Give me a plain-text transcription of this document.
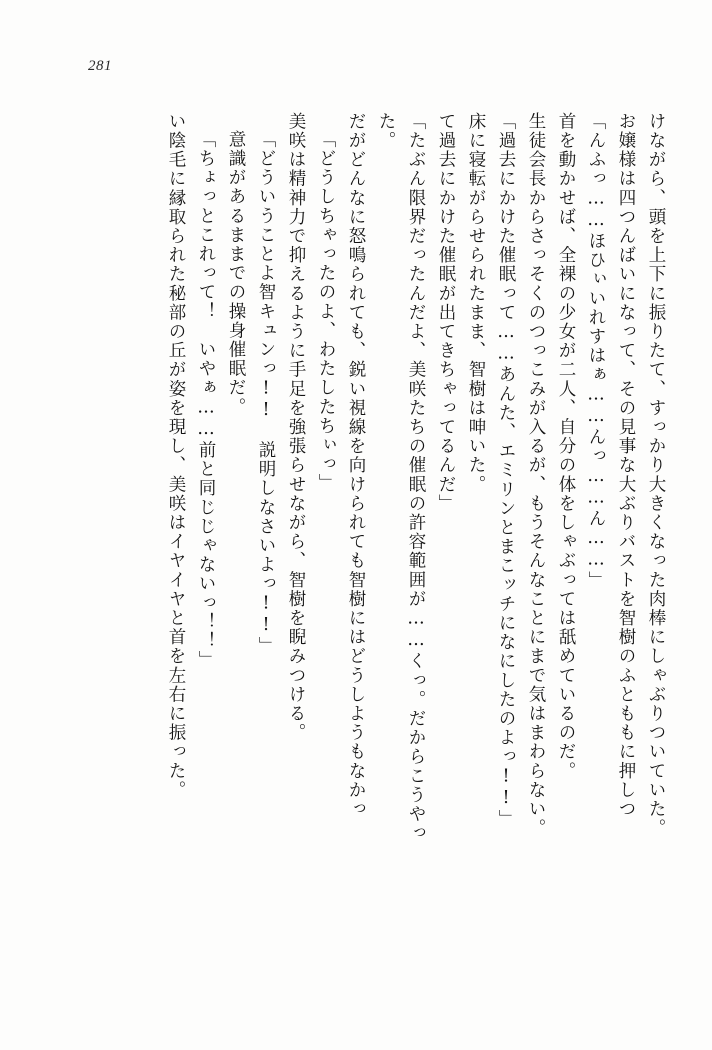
281
い陰毛に縁取られた秘部の丘が姿を現し、美咲はイヤイヤと首を左右に振った。 「ちょっとこれって！　いやぁ……前と同じじゃないっ！！」 意識があるままでの操身催眠だ。 「どういうことよ智キュンっ!!　説明しなさいよっ!!」 美咲は精神力で抑えるように手足を強張らせながら、智樹を睨みつける。 「どうしちゃったのよ、わたしたちぃっ」 だがどんなに怒鳴られても、鋭い視線を向けられても智樹にはどうしようもなかっ た。 「たぶん限界だったんだよ、美咲たちの催眠の許容範囲が……くっ。だからこうやっ て過去にかけた催眠が出てきちゃってるんだ」 床に寝転がらせられたまま、智樹は呻いた。 「過去にかけた催眠って……あんた、エミリンとまこッチになにしたのよっ!!」 生徒会長からさっそくのつっこみが入るが、もうそんなことにまで気はまわらない。 首を動かせば、全裸の少女が二人、自分の体をしゃぶっては舐めているのだ。 「んふっ……ほひぃいれすはぁ……んっ……ん……」 お嬢様は四つんばいになって、その見事な大ぶりバストを智樹のふとももに押しつ けながら、頭を上下に振りたて、すっかり大きくなった肉棒にしゃぶりついていた。
